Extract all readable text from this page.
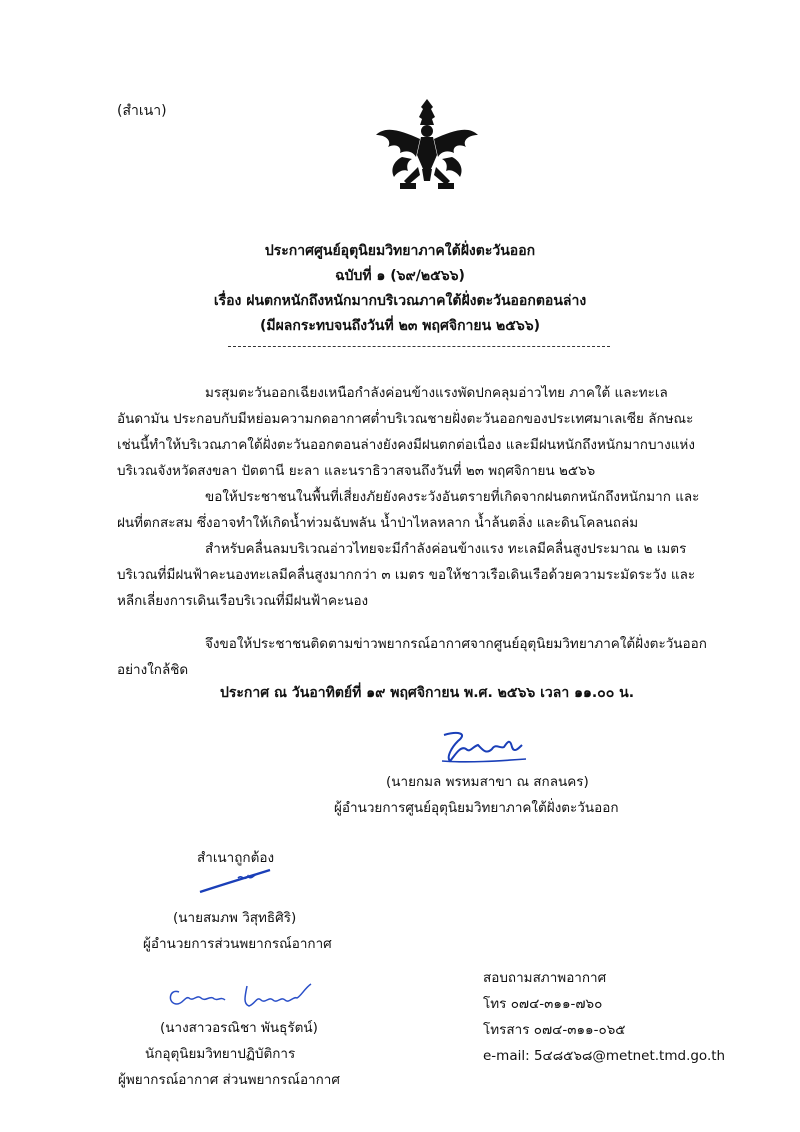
(สำเนา)
ประกาศศูนย์อุตุนิยมวิทยาภาคใต้ฝั่งตะวันออก
ฉบับที่ ๑ (๖๙/๒๕๖๖)
เรื่อง ฝนตกหนักถึงหนักมากบริเวณภาคใต้ฝั่งตะวันออกตอนล่าง
(มีผลกระทบจนถึงวันที่ ๒๓ พฤศจิกายน ๒๕๖๖)
มรสุมตะวันออกเฉียงเหนือกำลังค่อนข้างแรงพัดปกคลุมอ่าวไทย ภาคใต้ และทะเล
อันดามัน ประกอบกับมีหย่อมความกดอากาศต่ำบริเวณชายฝั่งตะวันออกของประเทศมาเลเซีย ลักษณะ
เช่นนี้ทำให้บริเวณภาคใต้ฝั่งตะวันออกตอนล่างยังคงมีฝนตกต่อเนื่อง และมีฝนหนักถึงหนักมากบางแห่ง
บริเวณจังหวัดสงขลา ปัตตานี ยะลา และนราธิวาสจนถึงวันที่ ๒๓ พฤศจิกายน ๒๕๖๖
ขอให้ประชาชนในพื้นที่เสี่ยงภัยยังคงระวังอันตรายที่เกิดจากฝนตกหนักถึงหนักมาก และ
ฝนที่ตกสะสม ซึ่งอาจทำให้เกิดน้ำท่วมฉับพลัน น้ำป่าไหลหลาก น้ำล้นตลิ่ง และดินโคลนถล่ม
สำหรับคลื่นลมบริเวณอ่าวไทยจะมีกำลังค่อนข้างแรง ทะเลมีคลื่นสูงประมาณ ๒ เมตร
บริเวณที่มีฝนฟ้าคะนองทะเลมีคลื่นสูงมากกว่า ๓ เมตร ขอให้ชาวเรือเดินเรือด้วยความระมัดระวัง และ
หลีกเลี่ยงการเดินเรือบริเวณที่มีฝนฟ้าคะนอง
จึงขอให้ประชาชนติดตามข่าวพยากรณ์อากาศจากศูนย์อุตุนิยมวิทยาภาคใต้ฝั่งตะวันออก
อย่างใกล้ชิด
ประกาศ ณ วันอาทิตย์ที่ ๑๙ พฤศจิกายน พ.ศ. ๒๕๖๖ เวลา ๑๑.๐๐ น.
(นายกมล พรหมสาขา ณ สกลนคร)
ผู้อำนวยการศูนย์อุตุนิยมวิทยาภาคใต้ฝั่งตะวันออก
สำเนาถูกต้อง
(นายสมภพ วิสุทธิศิริ)
ผู้อำนวยการส่วนพยากรณ์อากาศ
(นางสาวอรณิชา พันธุรัตน์)
นักอุตุนิยมวิทยาปฏิบัติการ
ผู้พยากรณ์อากาศ ส่วนพยากรณ์อากาศ
สอบถามสภาพอากาศ
โทร ๐๗๔-๓๑๑-๗๖๐
โทรสาร ๐๗๔-๓๑๑-๐๖๕
e-mail: 5๔๘๕๖๘@metnet.tmd.go.th
